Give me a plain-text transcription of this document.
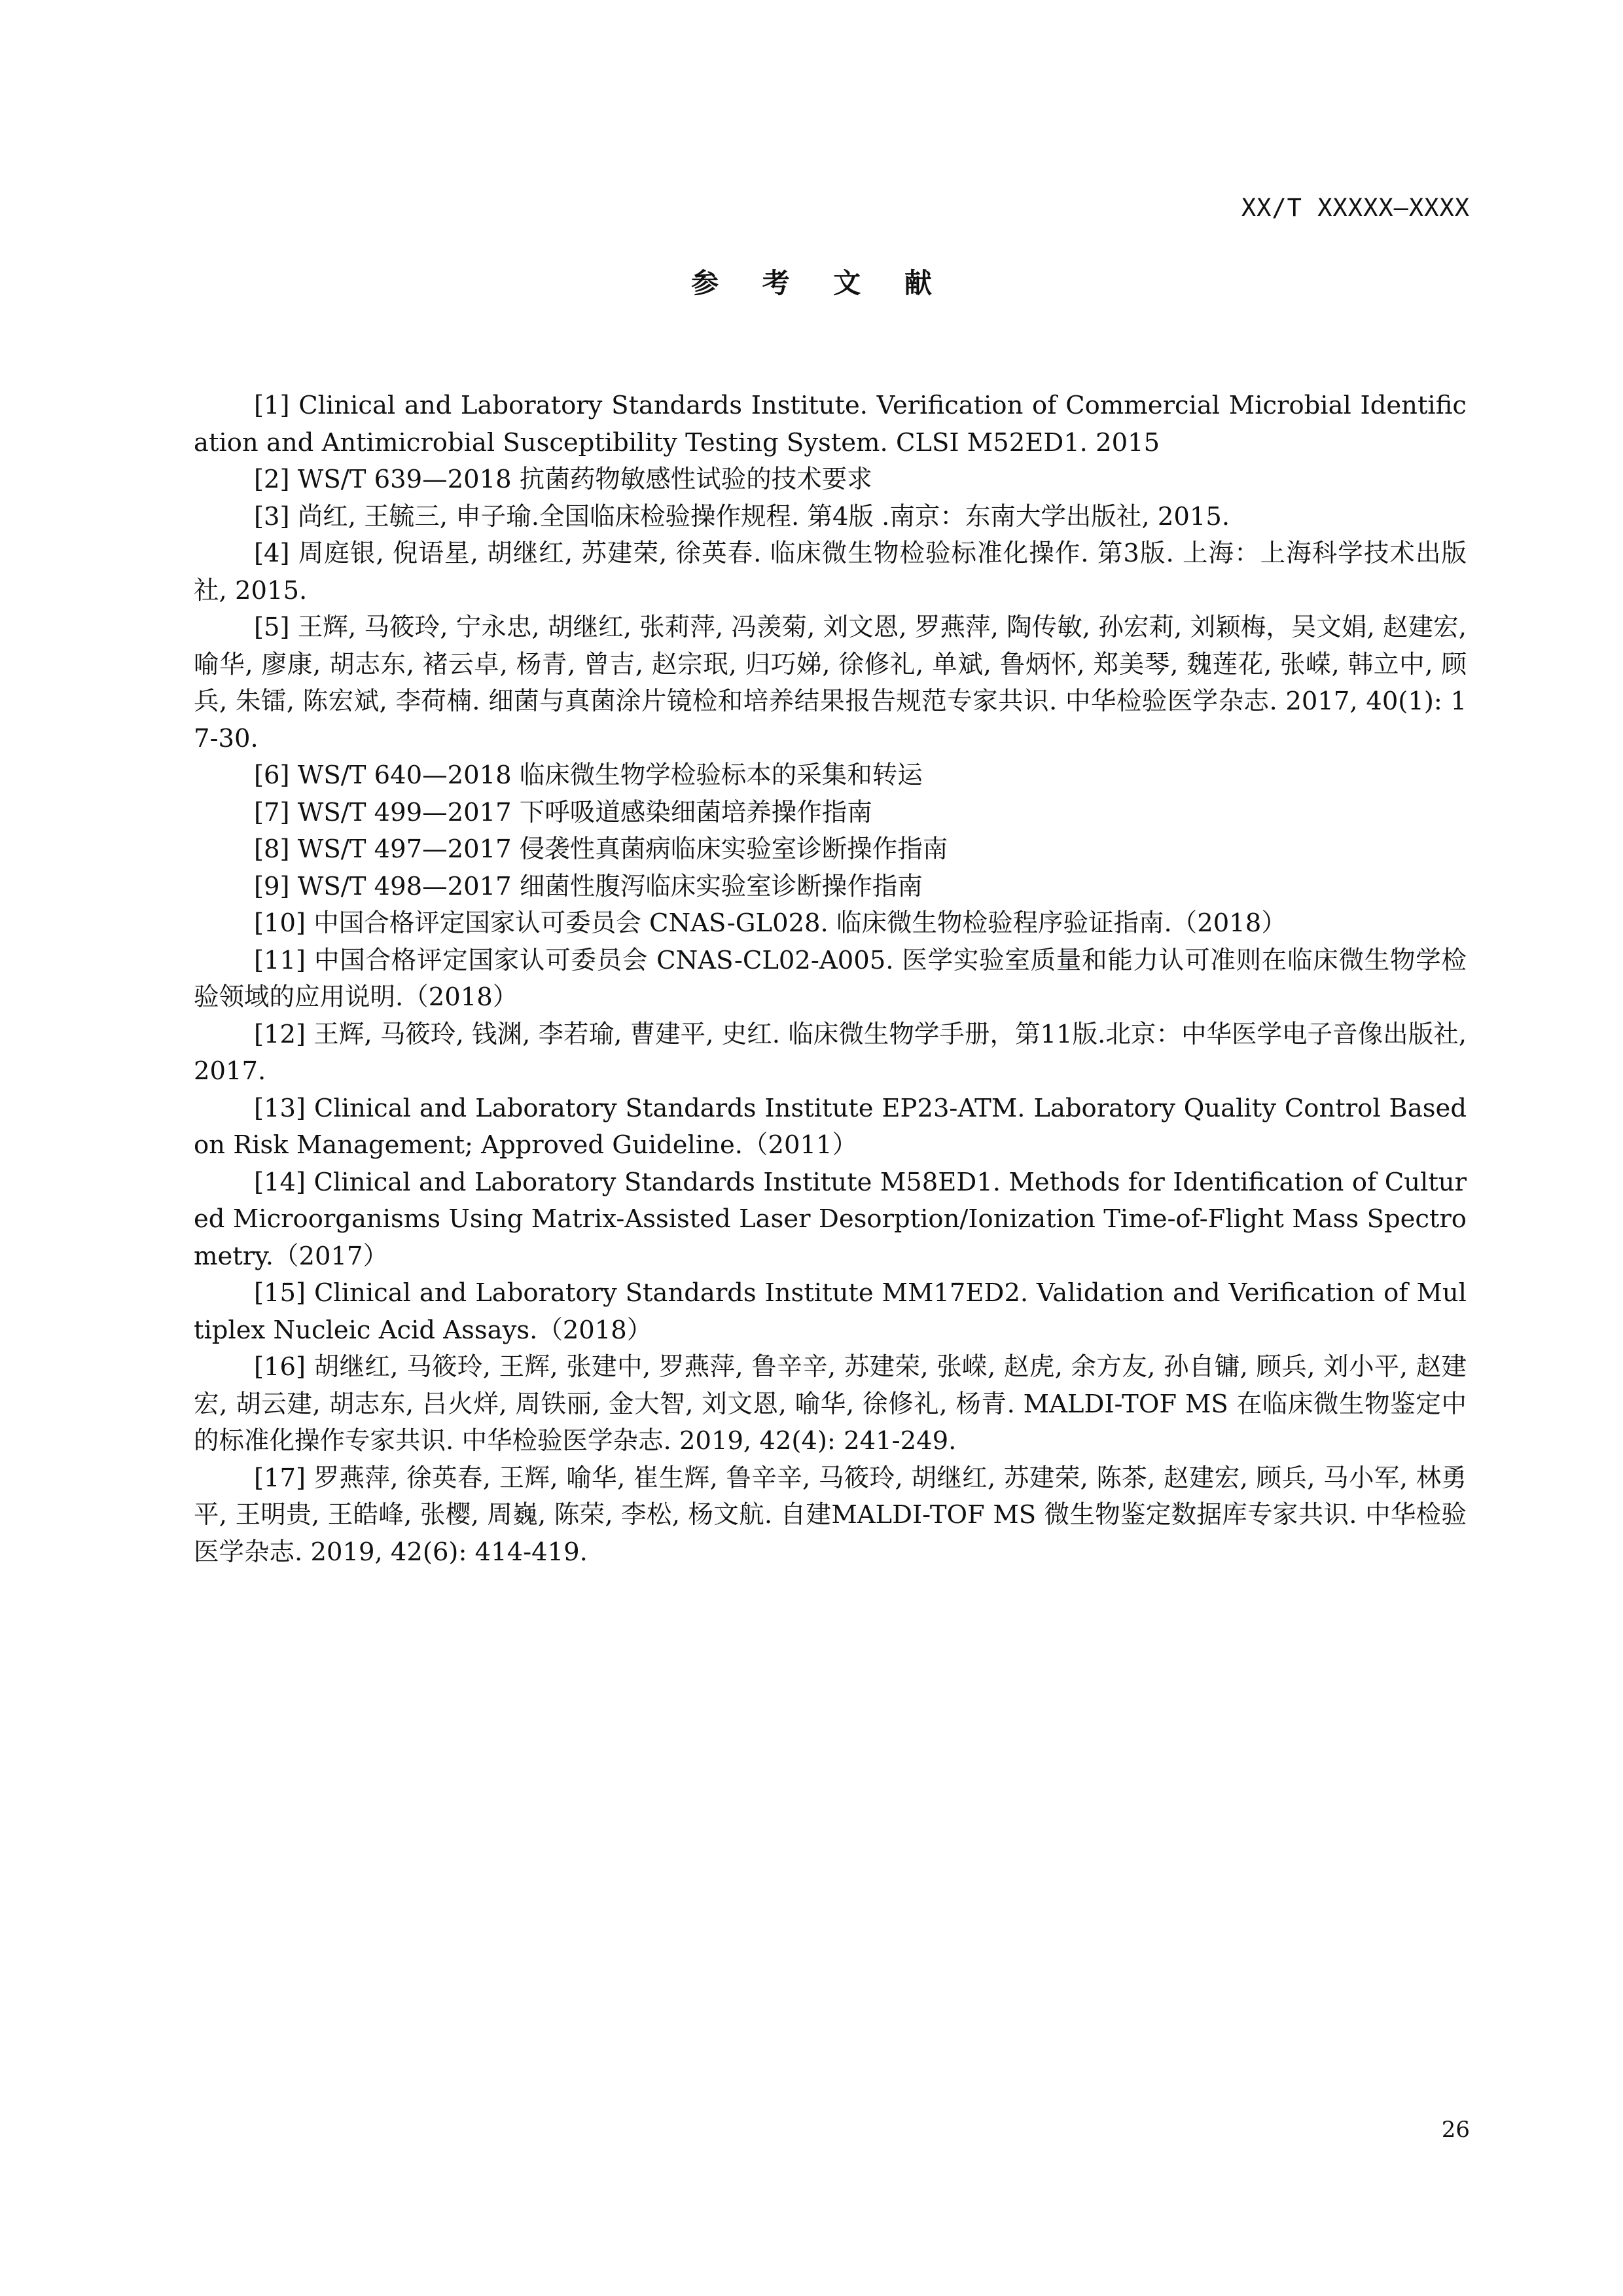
XX/T XXXXX—XXXX
参 考 文 献
[1] Clinical and Laboratory Standards Institute. Verification of Commercial Microbial Identification and Antimicrobial Susceptibility Testing System. CLSI M52ED1. 2015
[2] WS/T 639—2018 抗菌药物敏感性试验的技术要求
[3] 尚红, 王毓三, 申子瑜.全国临床检验操作规程. 第4版 .南京：东南大学出版社, 2015.
[4] 周庭银, 倪语星, 胡继红, 苏建荣, 徐英春. 临床微生物检验标准化操作. 第3版. 上海：上海科学技术出版社, 2015.
[5] 王辉, 马筱玲, 宁永忠, 胡继红, 张莉萍, 冯羡菊, 刘文恩, 罗燕萍, 陶传敏, 孙宏莉, 刘颖梅，吴文娟, 赵建宏, 喻华, 廖康, 胡志东, 褚云卓, 杨青, 曾吉, 赵宗珉, 归巧娣, 徐修礼, 单斌, 鲁炳怀, 郑美琴, 魏莲花, 张嵘, 韩立中, 顾兵, 朱镭, 陈宏斌, 李荷楠. 细菌与真菌涂片镜检和培养结果报告规范专家共识. 中华检验医学杂志. 2017, 40(1): 17-30.
[6] WS/T 640—2018 临床微生物学检验标本的采集和转运
[7] WS/T 499—2017 下呼吸道感染细菌培养操作指南
[8] WS/T 497—2017 侵袭性真菌病临床实验室诊断操作指南
[9] WS/T 498—2017 细菌性腹泻临床实验室诊断操作指南
[10] 中国合格评定国家认可委员会 CNAS-GL028. 临床微生物检验程序验证指南.（2018）
[11] 中国合格评定国家认可委员会 CNAS-CL02-A005. 医学实验室质量和能力认可准则在临床微生物学检验领域的应用说明.（2018）
[12] 王辉, 马筱玲, 钱渊, 李若瑜, 曹建平, 史红. 临床微生物学手册，第11版.北京：中华医学电子音像出版社, 2017.
[13] Clinical and Laboratory Standards Institute EP23-ATM. Laboratory Quality Control Based on Risk Management; Approved Guideline.（2011）
[14] Clinical and Laboratory Standards Institute M58ED1. Methods for Identification of Cultured Microorganisms Using Matrix-Assisted Laser Desorption/Ionization Time-of-Flight Mass Spectrometry.（2017）
[15] Clinical and Laboratory Standards Institute MM17ED2. Validation and Verification of Multiplex Nucleic Acid Assays.（2018）
[16] 胡继红, 马筱玲, 王辉, 张建中, 罗燕萍, 鲁辛辛, 苏建荣, 张嵘, 赵虎, 余方友, 孙自镛, 顾兵, 刘小平, 赵建宏, 胡云建, 胡志东, 吕火烊, 周铁丽, 金大智, 刘文恩, 喻华, 徐修礼, 杨青. MALDI-TOF MS 在临床微生物鉴定中的标准化操作专家共识. 中华检验医学杂志. 2019, 42(4): 241-249.
[17] 罗燕萍, 徐英春, 王辉, 喻华, 崔生辉, 鲁辛辛, 马筱玲, 胡继红, 苏建荣, 陈茶, 赵建宏, 顾兵, 马小军, 林勇平, 王明贵, 王皓峰, 张樱, 周巍, 陈荣, 李松, 杨文航. 自建MALDI-TOF MS 微生物鉴定数据库专家共识. 中华检验医学杂志. 2019, 42(6): 414-419.
26
